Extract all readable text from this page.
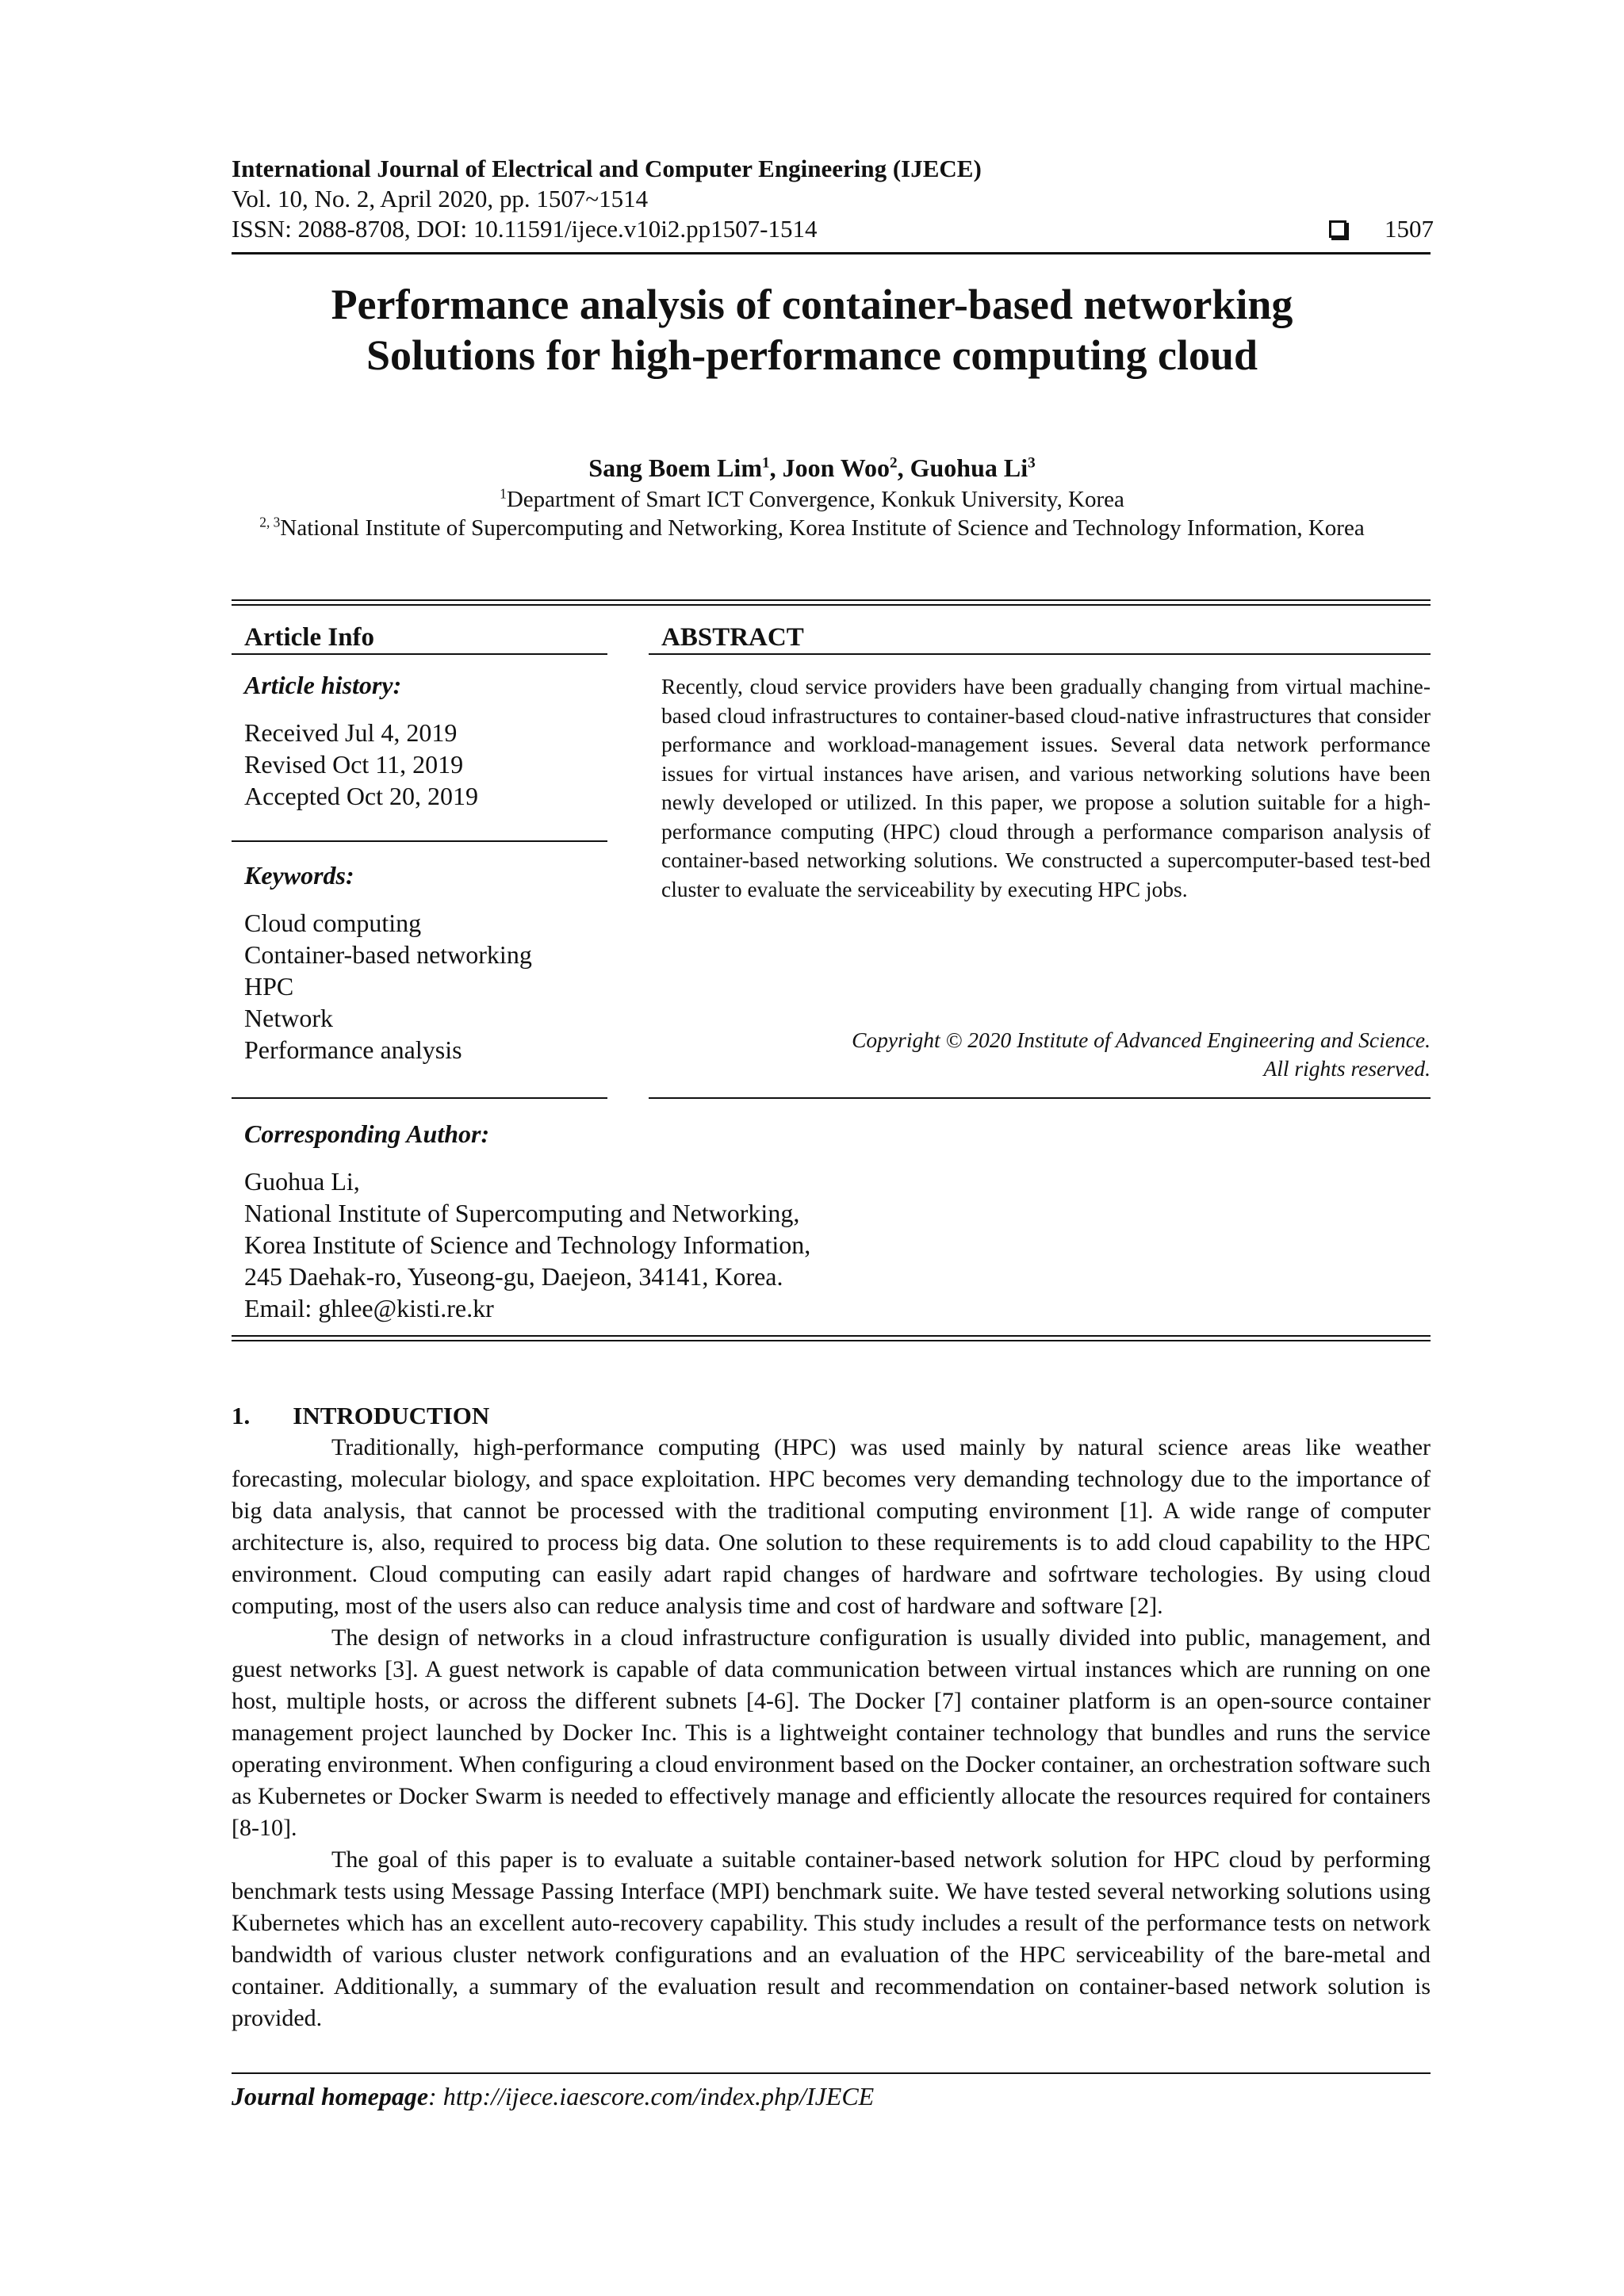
International Journal of Electrical and Computer Engineering (IJECE)
Vol. 10, No. 2, April 2020, pp. 1507~1514
ISSN: 2088-8708, DOI: 10.11591/ijece.v10i2.pp1507-1514	1507
Performance analysis of container-based networking
Solutions for high-performance computing cloud
Sang Boem Lim$^1$, Joon Woo$^2$, Guohua Li$^3$
$^1$Department of Smart ICT Convergence, Konkuk University, Korea
$^{2, 3}$National Institute of Supercomputing and Networking, Korea Institute of Science and Technology Information, Korea
Article Info
Article history:
Received Jul 4, 2019
Revised Oct 11, 2019
Accepted Oct 20, 2019
Keywords:
Cloud computing
Container-based networking
HPC
Network
Performance analysis
ABSTRACT
Recently, cloud service providers have been gradually changing from virtual machine-based cloud infrastructures to container-based cloud-native infrastructures that consider performance and workload-management issues. Several data network performance issues for virtual instances have arisen, and various networking solutions have been newly developed or utilized. In this paper, we propose a solution suitable for a high-performance computing (HPC) cloud through a performance comparison analysis of container-based networking solutions. We constructed a supercomputer-based test-bed cluster to evaluate the serviceability by executing HPC jobs.
Copyright © 2020 Institute of Advanced Engineering and Science.
All rights reserved.
Corresponding Author:
Guohua Li,
National Institute of Supercomputing and Networking,
Korea Institute of Science and Technology Information,
245 Daehak-ro, Yuseong-gu, Daejeon, 34141, Korea.
Email: ghlee@kisti.re.kr
1. INTRODUCTION

Traditionally, high-performance computing (HPC) was used mainly by natural science areas like weather forecasting, molecular biology, and space exploitation. HPC becomes very demanding technology due to the importance of big data analysis, that cannot be processed with the traditional computing environment [1]. A wide range of computer architecture is, also, required to process big data. One solution to these requirements is to add cloud capability to the HPC environment. Cloud computing can easily adart rapid changes of hardware and sofrtware techologies. By using cloud computing, most of the users also can reduce analysis time and cost of hardware and software [2].

The design of networks in a cloud infrastructure configuration is usually divided into public, management, and guest networks [3]. A guest network is capable of data communication between virtual instances which are running on one host, multiple hosts, or across the different subnets [4-6]. The Docker [7] container platform is an open-source container management project launched by Docker Inc. This is a lightweight container technology that bundles and runs the service operating environment. When configuring a cloud environment based on the Docker container, an orchestration software such as Kubernetes or Docker Swarm is needed to effectively manage and efficiently allocate the resources required for containers [8-10].

The goal of this paper is to evaluate a suitable container-based network solution for HPC cloud by performing benchmark tests using Message Passing Interface (MPI) benchmark suite. We have tested several networking solutions using Kubernetes which has an excellent auto-recovery capability. This study includes a result of the performance tests on network bandwidth of various cluster network configurations and an evaluation of the HPC serviceability of the bare-metal and container. Additionally, a summary of the evaluation result and recommendation on container-based network solution is provided.

Journal homepage: http://ijece.iaescore.com/index.php/IJECE
